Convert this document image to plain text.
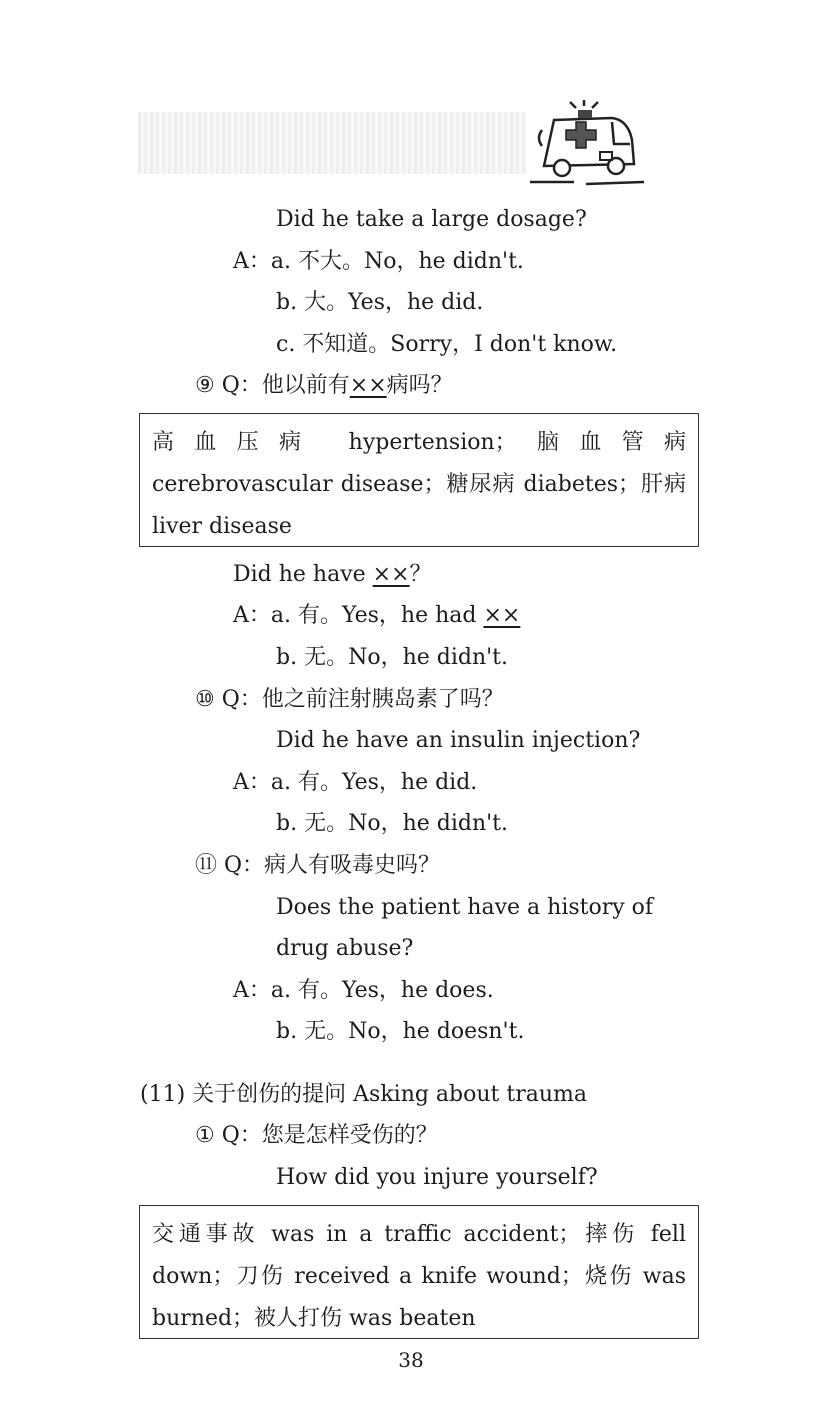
Did he take a large dosage?
A：a. 不大。No，he didn't.
b. 大。Yes，he did.
c. 不知道。Sorry，I don't know.
⑨ Q：他以前有××病吗？
高血压病 hypertension；脑血管病 cerebrovascular disease；糖尿病 diabetes；肝病 liver disease
Did he have ××？
A：a. 有。Yes，he had ××
b. 无。No，he didn't.
⑩ Q：他之前注射胰岛素了吗？
Did he have an insulin injection?
A：a. 有。Yes，he did.
b. 无。No，he didn't.
⑪ Q：病人有吸毒史吗？
Does the patient have a history of
drug abuse?
A：a. 有。Yes，he does.
b. 无。No，he doesn't.
(11) 关于创伤的提问 Asking about trauma
① Q：您是怎样受伤的？
How did you injure yourself?
交通事故 was in a traffic accident；摔伤 fell down；刀伤 received a knife wound；烧伤 was burned；被人打伤 was beaten
38
